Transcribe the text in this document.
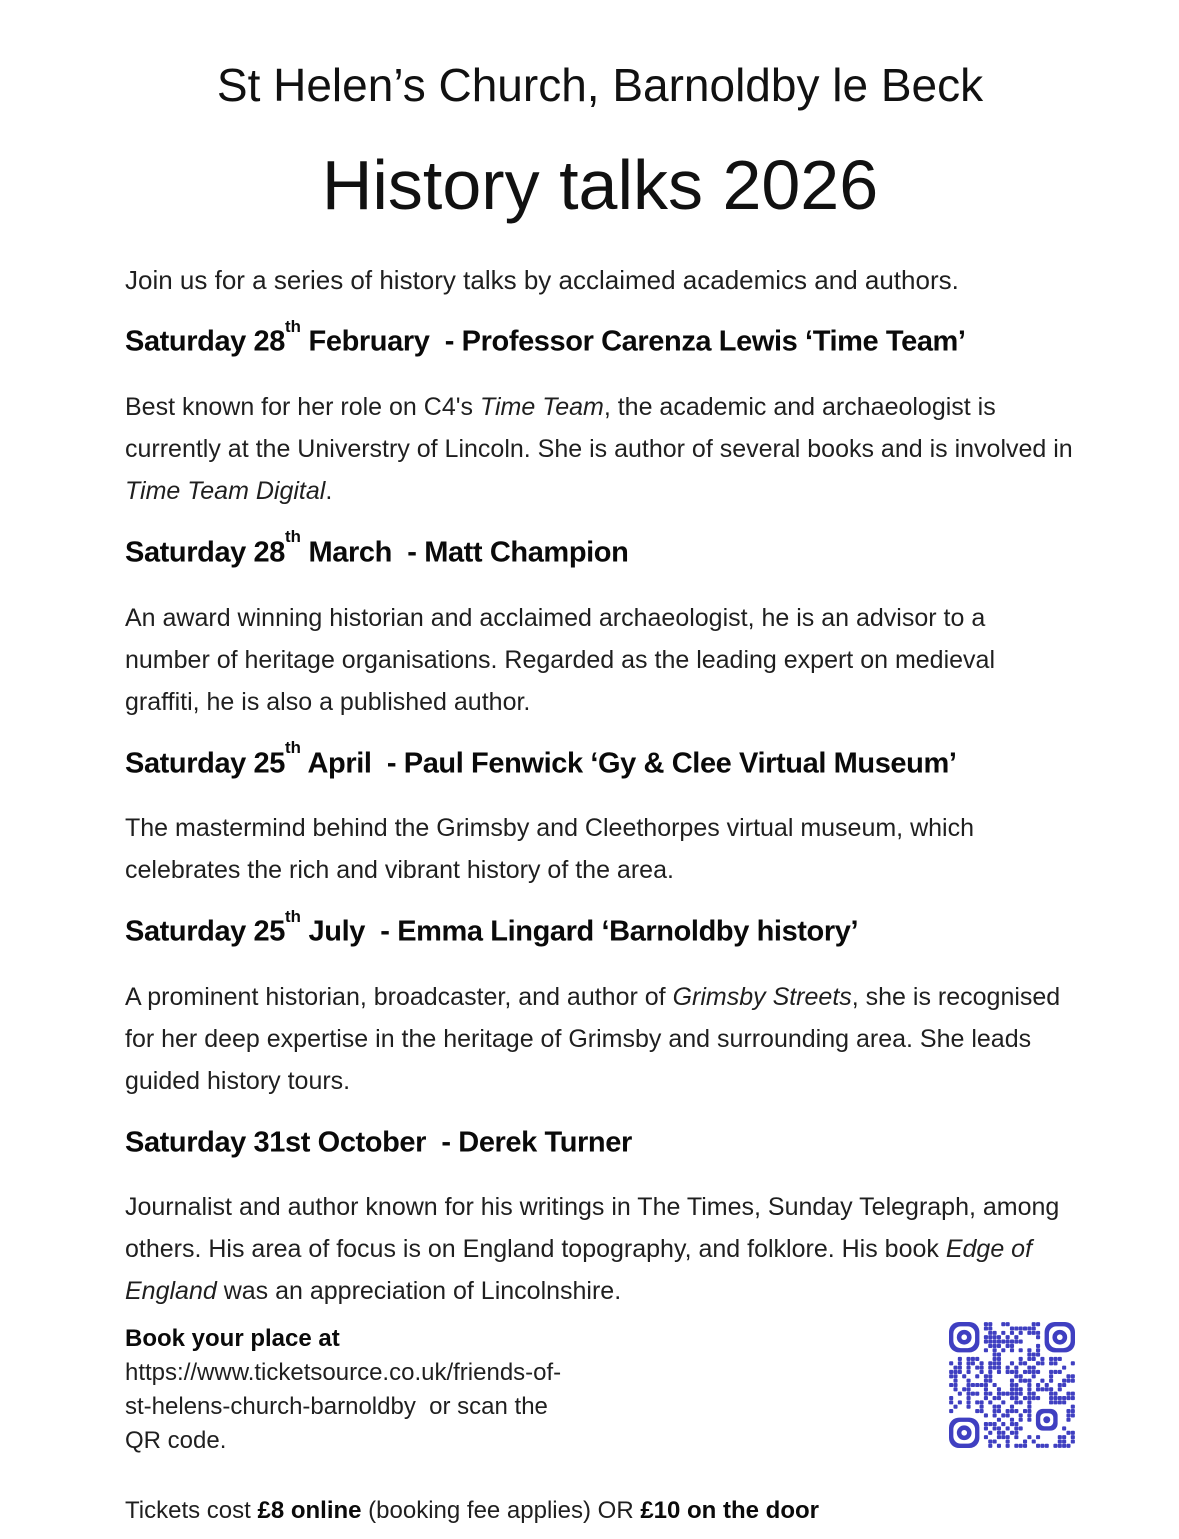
St Helen’s Church, Barnoldby le Beck
History talks 2026

Join us for a series of history talks by acclaimed academics and authors.

Saturday 28th February  - Professor Carenza Lewis ‘Time Team’

Best known for her role on C4's Time Team, the academic and archaeologist is currently at the Universtry of Lincoln. She is author of several books and is involved in Time Team Digital.

Saturday 28th March  - Matt Champion

An award winning historian and acclaimed archaeologist, he is an advisor to a number of heritage organisations. Regarded as the leading expert on medieval graffiti, he is also a published author.

Saturday 25th April  - Paul Fenwick ‘Gy & Clee Virtual Museum’

The mastermind behind the Grimsby and Cleethorpes virtual museum, which celebrates the rich and vibrant history of the area.

Saturday 25th July  - Emma Lingard ‘Barnoldby history’

A prominent historian, broadcaster, and author of Grimsby Streets, she is recognised for her deep expertise in the heritage of Grimsby and surrounding area. She leads guided history tours.

Saturday 31st October  - Derek Turner

Journalist and author known for his writings in The Times, Sunday Telegraph, among others. His area of focus is on England topography, and folklore. His book Edge of England was an appreciation of Lincolnshire.

Book your place at

https://www.ticketsource.co.uk/friends-of-st-helens-church-barnoldby  or scan the QR code.

Tickets cost £8 online (booking fee applies) OR £10 on the door
